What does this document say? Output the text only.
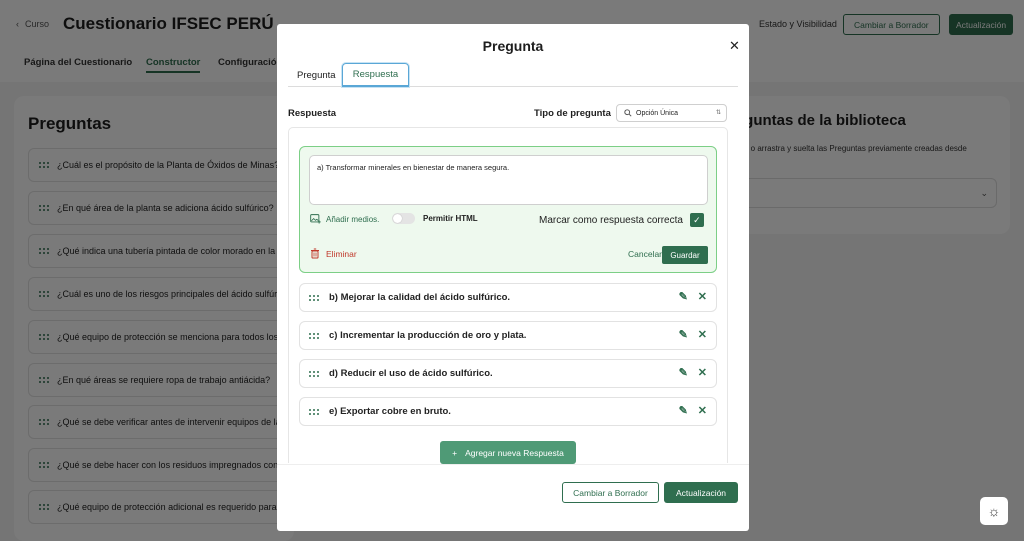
☼
Pregunta	✕
Pregunta	Respuesta
Respuesta	Tipo de pregunta	Opción Única	⇅
a) Transformar minerales en bienestar de manera segura.
Añadir medios.	Permitir HTML	Marcar como respuesta correcta	✓
Eliminar	Cancelar	Guardar
b) Mejorar la calidad del ácido sulfúrico.	✎ ✕
c) Incrementar la producción de oro y plata.	✎ ✕
d) Reducir el uso de ácido sulfúrico.	✎ ✕
e) Exportar cobre en bruto.	✎ ✕
+ Agregar nueva Respuesta
Cambiar a Borrador	Actualización
